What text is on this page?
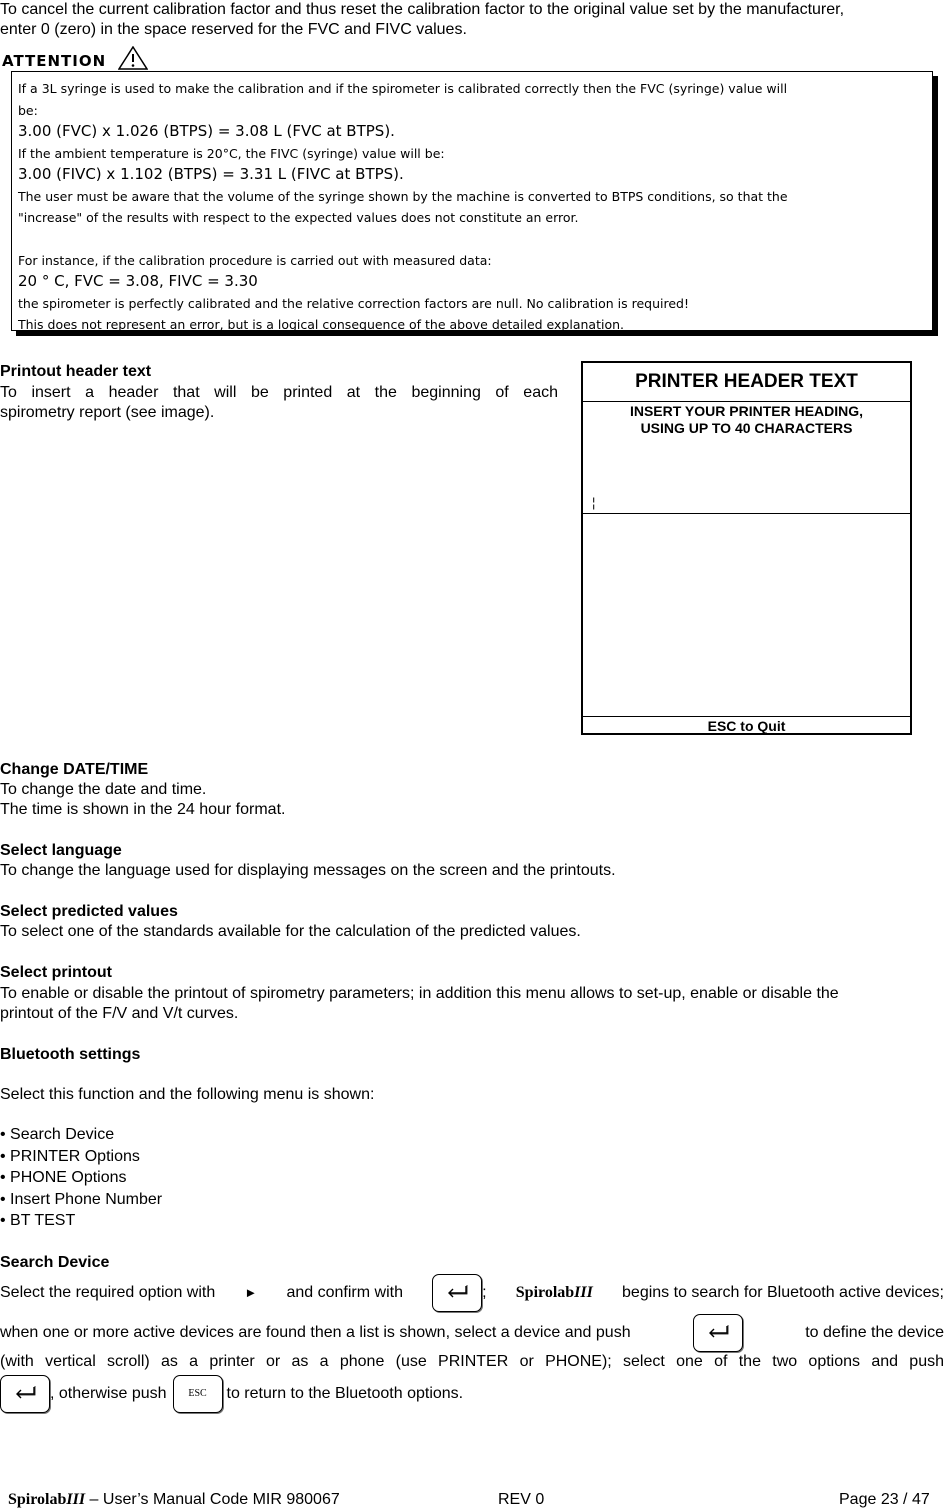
To cancel the current calibration factor and thus reset the calibration factor to the original value set by the manufacturer,
enter 0 (zero) in the space reserved for the FVC and FIVC values.
ATTENTION
If a 3L syringe is used to make the calibration and if the spirometer is calibrated correctly then the FVC (syringe) value will
be:
3.00 (FVC) x 1.026 (BTPS) = 3.08 L (FVC at BTPS).
If the ambient temperature is 20°C, the FIVC (syringe) value will be:
3.00 (FIVC) x 1.102 (BTPS) = 3.31 L (FIVC at BTPS).
The user must be aware that the volume of the syringe shown by the machine is converted to BTPS conditions, so that the
"increase" of the results with respect to the expected values does not constitute an error.
For instance, if the calibration procedure is carried out with measured data:
20 ° C, FVC = 3.08, FIVC = 3.30
the spirometer is perfectly calibrated and the relative correction factors are null. No calibration is required!
This does not represent an error, but is a logical consequence of the above detailed explanation.
Printout header text
To insert a header that will be printed at the beginning of each
spirometry report (see image).
PRINTER HEADER TEXT
INSERT YOUR PRINTER HEADING,
USING UP TO 40 CHARACTERS
¦
ESC to Quit
Change DATE/TIME
To change the date and time.
The time is shown in the 24 hour format.
Select language
To change the language used for displaying messages on the screen and the printouts.
Select predicted values
To select one of the standards available for the calculation of the predicted values.
Select printout
To enable or disable the printout of spirometry parameters; in addition this menu allows to set-up, enable or disable the
printout of the F/V and V/t curves.
Bluetooth settings
Select this function and the following menu is shown:
• Search Device
• PRINTER Options
• PHONE Options
• Insert Phone Number
• BT TEST
Search Device
Select the required option with ► and confirm with	; SpirolabIII begins to search for Bluetooth active devices;
when one or more active devices are found then a list is shown, select a device and push	to define the device
(with vertical scroll) as a printer or as a phone (use PRINTER or PHONE); select one of the two options and push
, otherwise push	ESC	to return to the Bluetooth options.
SpirolabIII – User’s Manual Code MIR 980067	REV 0	Page 23 / 47
